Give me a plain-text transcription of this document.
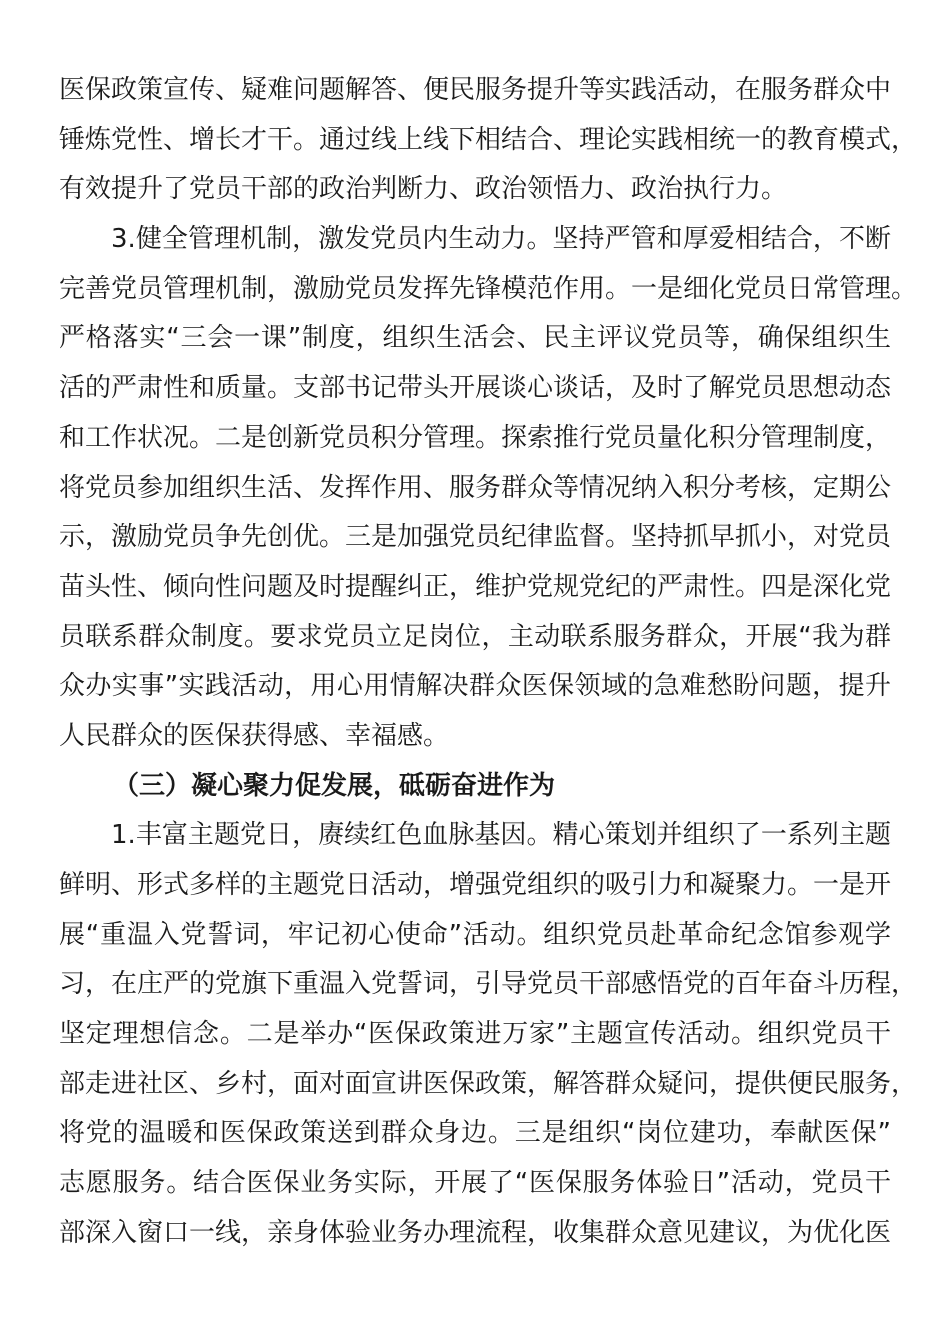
医保政策宣传、疑难问题解答、便民服务提升等实践活动，在服务群众中
锤炼党性、增长才干。通过线上线下相结合、理论实践相统一的教育模式，
有效提升了党员干部的政治判断力、政治领悟力、政治执行力。
3.健全管理机制，激发党员内生动力。坚持严管和厚爱相结合，不断
完善党员管理机制，激励党员发挥先锋模范作用。一是细化党员日常管理。
严格落实“三会一课”制度，组织生活会、民主评议党员等，确保组织生
活的严肃性和质量。支部书记带头开展谈心谈话，及时了解党员思想动态
和工作状况。二是创新党员积分管理。探索推行党员量化积分管理制度，
将党员参加组织生活、发挥作用、服务群众等情况纳入积分考核，定期公
示，激励党员争先创优。三是加强党员纪律监督。坚持抓早抓小，对党员
苗头性、倾向性问题及时提醒纠正，维护党规党纪的严肃性。四是深化党
员联系群众制度。要求党员立足岗位，主动联系服务群众，开展“我为群
众办实事”实践活动，用心用情解决群众医保领域的急难愁盼问题，提升
人民群众的医保获得感、幸福感。
（三）凝心聚力促发展，砥砺奋进作为
1.丰富主题党日，赓续红色血脉基因。精心策划并组织了一系列主题
鲜明、形式多样的主题党日活动，增强党组织的吸引力和凝聚力。一是开
展“重温入党誓词，牢记初心使命”活动。组织党员赴革命纪念馆参观学
习，在庄严的党旗下重温入党誓词，引导党员干部感悟党的百年奋斗历程，
坚定理想信念。二是举办“医保政策进万家”主题宣传活动。组织党员干
部走进社区、乡村，面对面宣讲医保政策，解答群众疑问，提供便民服务，
将党的温暖和医保政策送到群众身边。三是组织“岗位建功，奉献医保”
志愿服务。结合医保业务实际，开展了“医保服务体验日”活动，党员干
部深入窗口一线，亲身体验业务办理流程，收集群众意见建议，为优化医
